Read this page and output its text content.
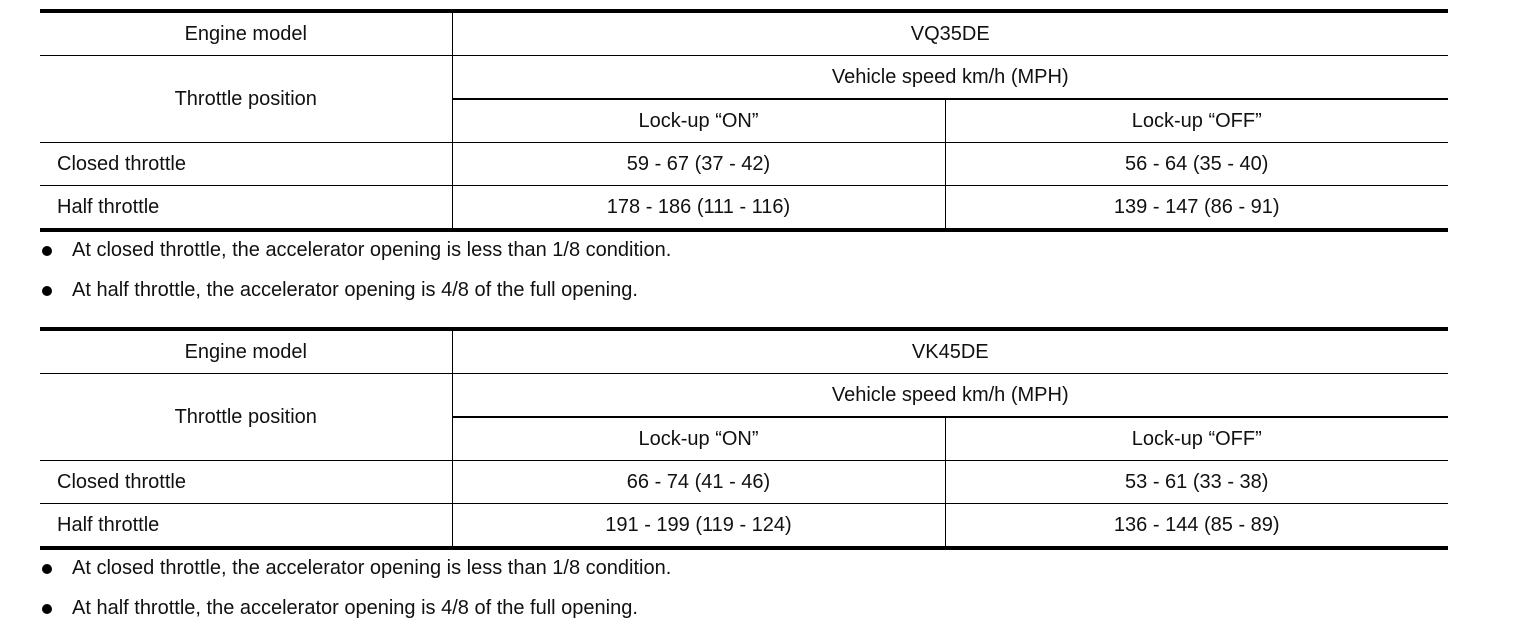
Engine model	VQ35DE	
Throttle position	Vehicle speed km/h (MPH)	
	Lock-up “ON”	Lock-up “OFF”
Closed throttle	59 - 67 (37 - 42)	56 - 64 (35 - 40)
Half throttle	178 - 186 (111 - 116)	139 - 147 (86 - 91)
At closed throttle, the accelerator opening is less than 1/8 condition.
At half throttle, the accelerator opening is 4/8 of the full opening.
Engine model	VK45DE	
Throttle position	Vehicle speed km/h (MPH)	
	Lock-up “ON”	Lock-up “OFF”
Closed throttle	66 - 74 (41 - 46)	53 - 61 (33 - 38)
Half throttle	191 - 199 (119 - 124)	136 - 144 (85 - 89)
At closed throttle, the accelerator opening is less than 1/8 condition.
At half throttle, the accelerator opening is 4/8 of the full opening.
